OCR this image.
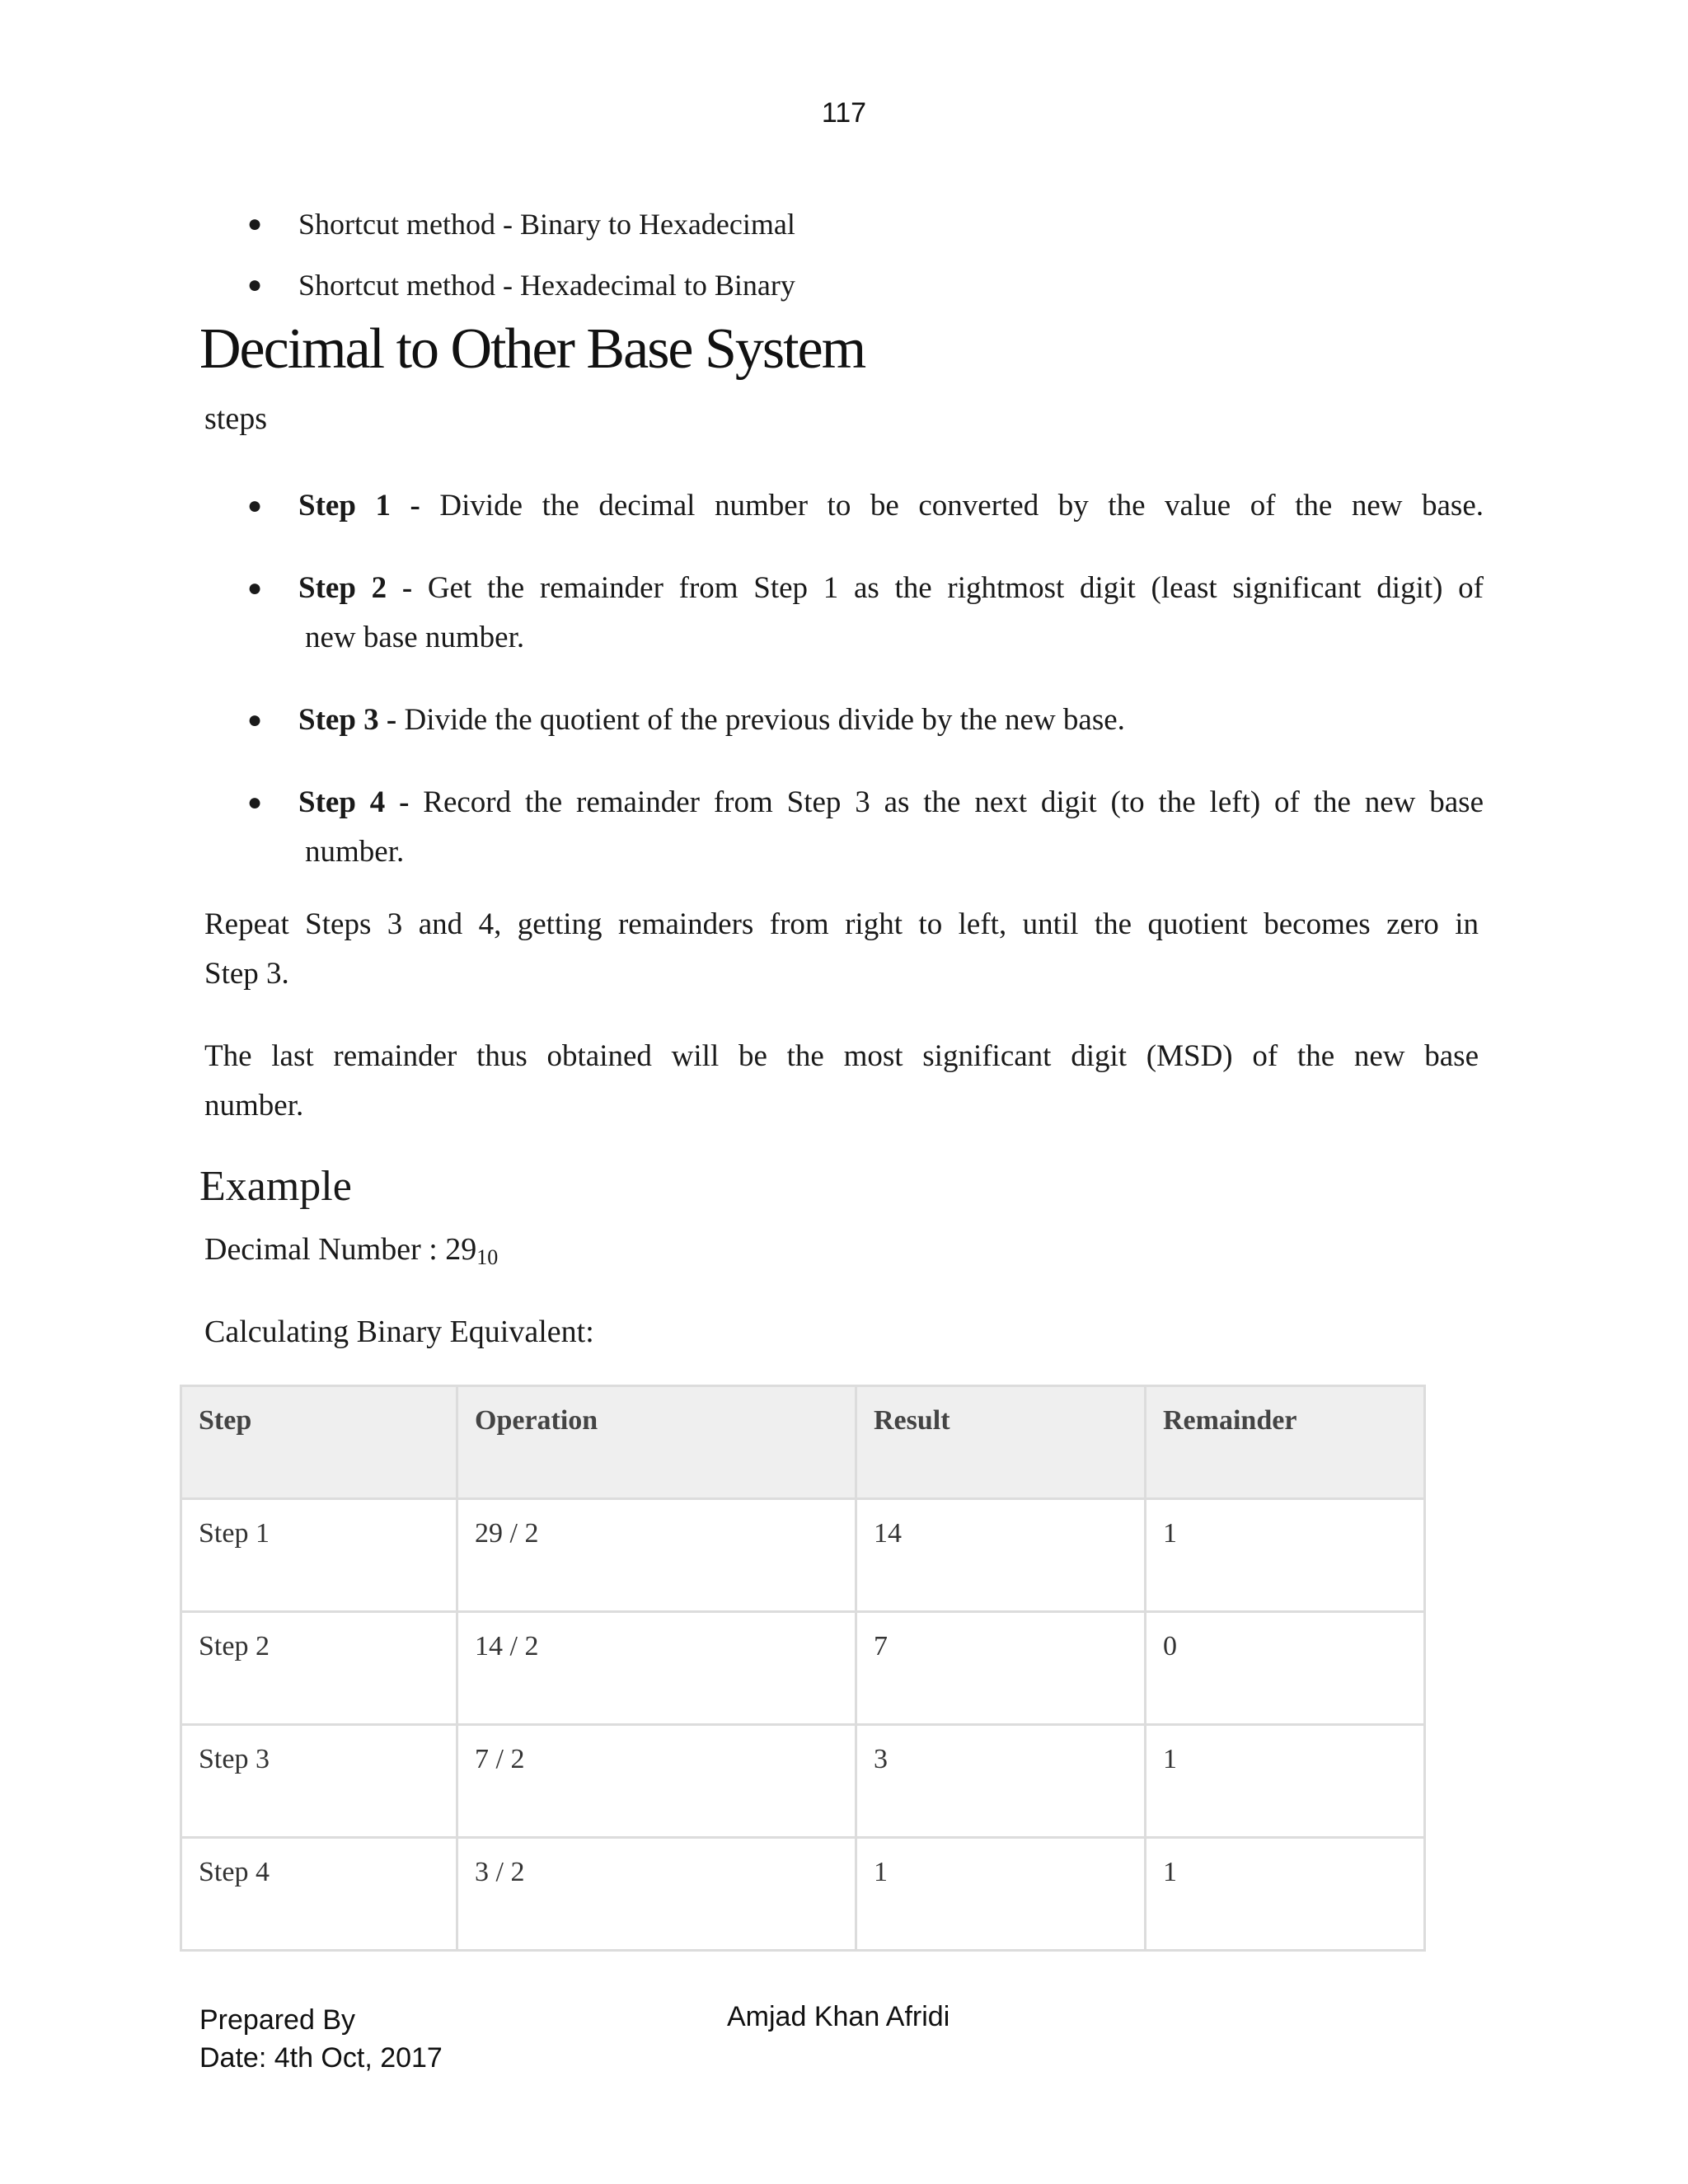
117
● Shortcut method - Binary to Hexadecimal
● Shortcut method - Hexadecimal to Binary
Decimal to Other Base System
steps
● Step 1 - Divide the decimal number to be converted by the value of the new base.
● Step 2 - Get the remainder from Step 1 as the rightmost digit (least significant digit) of
new base number.
● Step 3 - Divide the quotient of the previous divide by the new base.
● Step 4 - Record the remainder from Step 3 as the next digit (to the left) of the new base
number.

Repeat Steps 3 and 4, getting remainders from right to left, until the quotient becomes zero in
Step 3.

The last remainder thus obtained will be the most significant digit (MSD) of the new base
number.

Example
Decimal Number : $29_{10}$
Calculating Binary Equivalent:
Step	Operation	Result	Remainder
Step 1	29 / 2	14	1
Step 2	14 / 2	7	0
Step 3	7 / 2	3	1
Step 4	3 / 2	1	1
Prepared By
Date: 4th Oct, 2017
Amjad Khan Afridi
